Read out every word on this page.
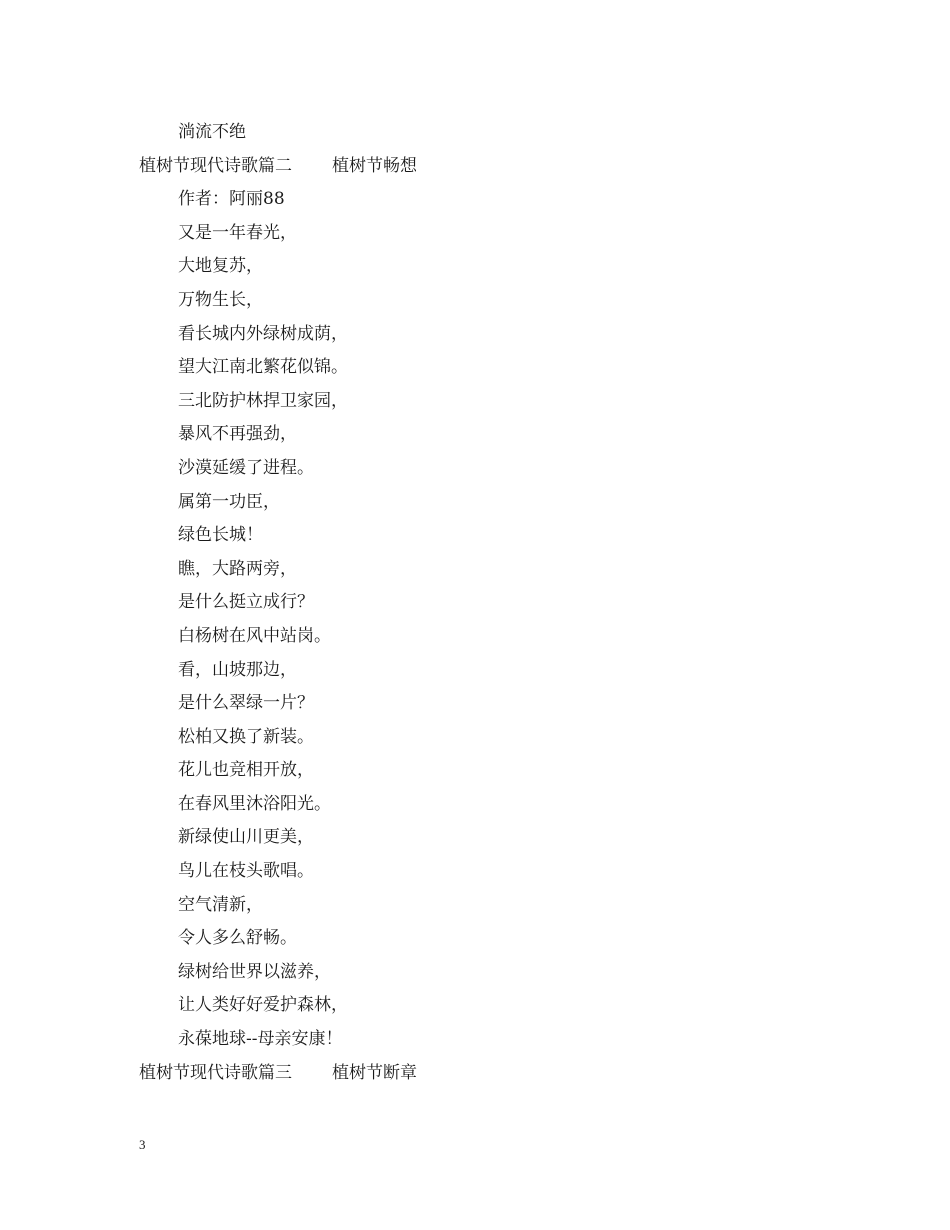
淌流不绝
植树节现代诗歌篇二 植树节畅想
作者：阿丽88
又是一年春光，
大地复苏，
万物生长，
看长城内外绿树成荫，
望大江南北繁花似锦。
三北防护林捍卫家园，
暴风不再强劲，
沙漠延缓了进程。
属第一功臣，
绿色长城！
瞧，大路两旁，
是什么挺立成行？
白杨树在风中站岗。
看，山坡那边，
是什么翠绿一片？
松柏又换了新装。
花儿也竞相开放，
在春风里沐浴阳光。
新绿使山川更美，
鸟儿在枝头歌唱。
空气清新，
令人多么舒畅。
绿树给世界以滋养，
让人类好好爱护森林，
永葆地球--母亲安康！
植树节现代诗歌篇三 植树节断章
3
